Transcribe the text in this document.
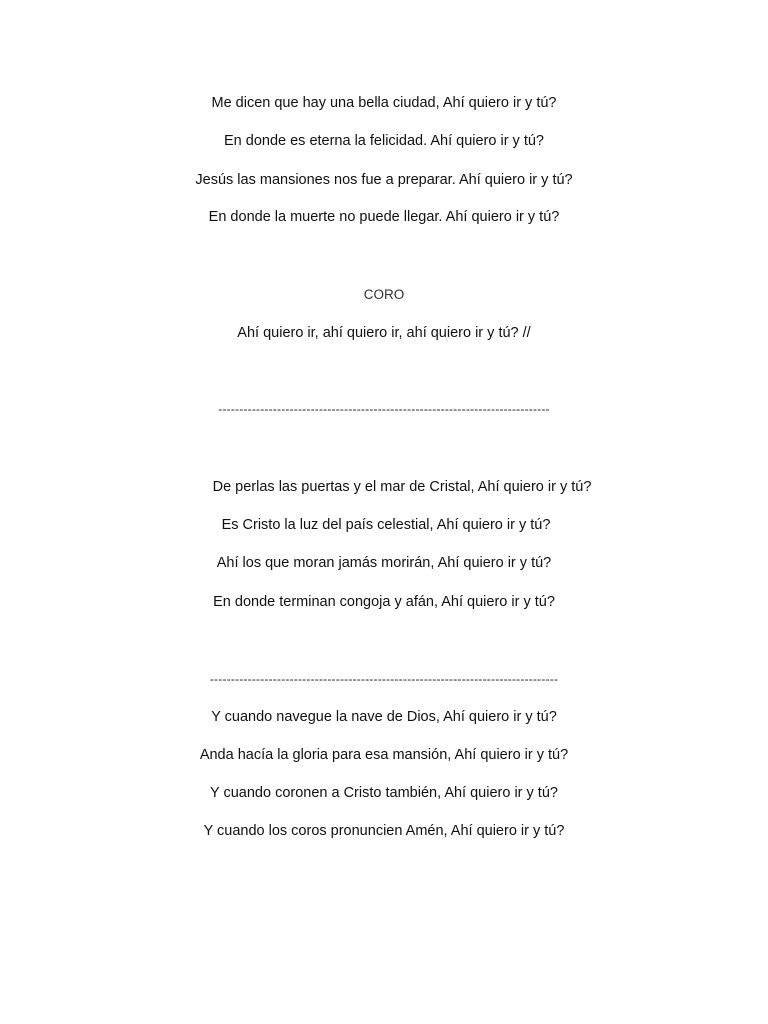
Me dicen que hay una bella ciudad, Ahí quiero ir y tú?
En donde es eterna la felicidad. Ahí quiero ir y tú?
Jesús las mansiones nos fue a preparar. Ahí quiero ir y tú?
En donde la muerte no puede llegar. Ahí quiero ir y tú?
CORO
Ahí quiero ir, ahí quiero ir, ahí quiero ir y tú? //
-------------------------------------------------------------------------------
De perlas las puertas y el mar de Cristal, Ahí quiero ir y tú?
Es Cristo la luz del país celestial, Ahí quiero ir y tú?
Ahí los que moran jamás morirán, Ahí quiero ir y tú?
En donde terminan congoja y afán, Ahí quiero ir y tú?
-----------------------------------------------------------------------------------
Y cuando navegue la nave de Dios, Ahí quiero ir y tú?
Anda hacía la gloria para esa mansión, Ahí quiero ir y tú?
Y cuando coronen a Cristo también, Ahí quiero ir y tú?
Y cuando los coros pronuncien Amén, Ahí quiero ir y tú?
